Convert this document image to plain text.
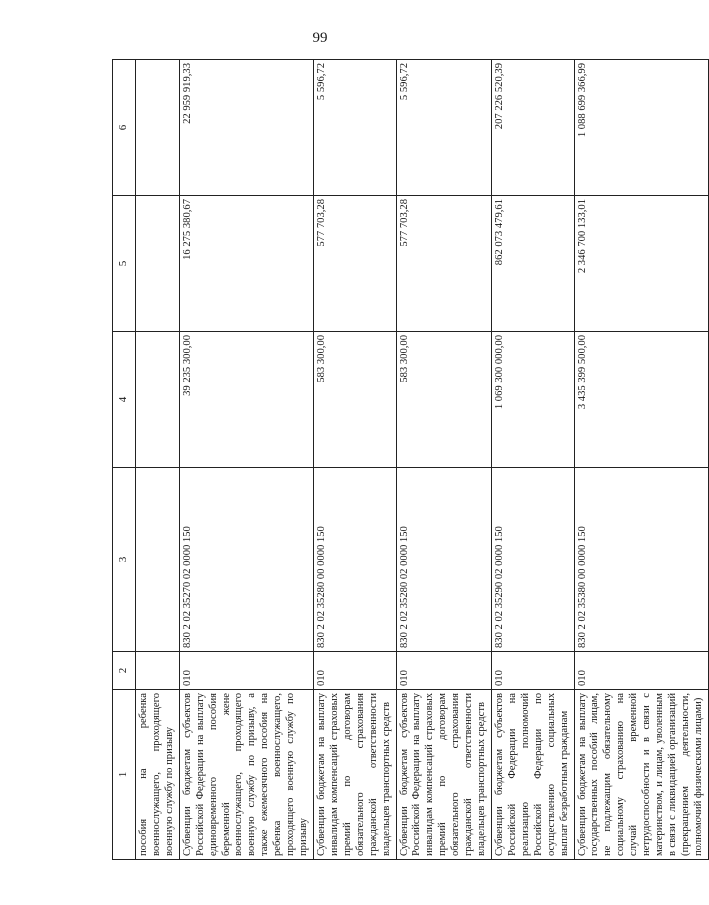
99
1	2	3	4	5	6
пособия на ребенка военнослужащего, проходящего военную службу по призыву					
Субвенции бюджетам субъектов Российской Федерации на выплату единовременного пособия беременной жене военнослужащего, проходящего военную службу по призыву, а также ежемесячного пособия на ребенка военнослужащего, проходящего военную службу по призыву	010	830 2 02 35270 02 0000 150	39 235 300,00	16 275 380,67	22 959 919,33
Субвенции бюджетам на выплату инвалидам компенсаций страховых премий по договорам обязательного страхования гражданской ответственности владельцев транспортных средств	010	830 2 02 35280 00 0000 150	583 300,00	577 703,28	5 596,72
Субвенции бюджетам субъектов Российской Федерации на выплату инвалидам компенсаций страховых премий по договорам обязательного страхования гражданской ответственности владельцев транспортных средств	010	830 2 02 35280 02 0000 150	583 300,00	577 703,28	5 596,72
Субвенции бюджетам субъектов Российской Федерации на реализацию полномочий Российской Федерации по осуществлению социальных выплат безработным гражданам	010	830 2 02 35290 02 0000 150	1 069 300 000,00	862 073 479,61	207 226 520,39
Субвенции бюджетам на выплату государственных пособий лицам, не подлежащим обязательному социальному страхованию на случай временной нетрудоспособности и в связи с материнством, и лицам, уволенным в связи с ликвидацией организаций (прекращением деятельности, полномочий физическими лицами)	010	830 2 02 35380 00 0000 150	3 435 399 500,00	2 346 700 133,01	1 088 699 366,99
